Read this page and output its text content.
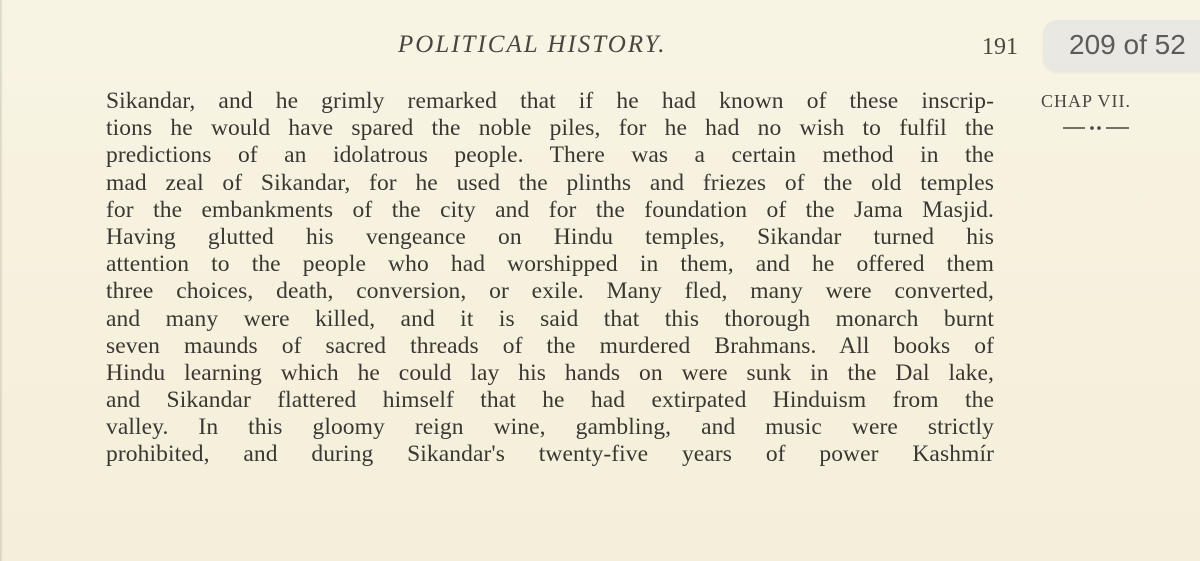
POLITICAL HISTORY.	191 209 of 52
CHAP VII.
Sikandar, and he grimly remarked that if he had known of these inscrip-
tions he would have spared the noble piles, for he had no wish to fulfil the
predictions of an idolatrous people. There was a certain method in the
mad zeal of Sikandar, for he used the plinths and friezes of the old temples
for the embankments of the city and for the foundation of the Jama Masjid.
Having glutted his vengeance on Hindu temples, Sikandar turned his
attention to the people who had worshipped in them, and he offered them
three choices, death, conversion, or exile. Many fled, many were converted,
and many were killed, and it is said that this thorough monarch burnt
seven maunds of sacred threads of the murdered Brahmans. All books of
Hindu learning which he could lay his hands on were sunk in the Dal lake,
and Sikandar flattered himself that he had extirpated Hinduism from the
valley. In this gloomy reign wine, gambling, and music were strictly
prohibited, and during Sikandar's twenty-five years of power Kashmír
